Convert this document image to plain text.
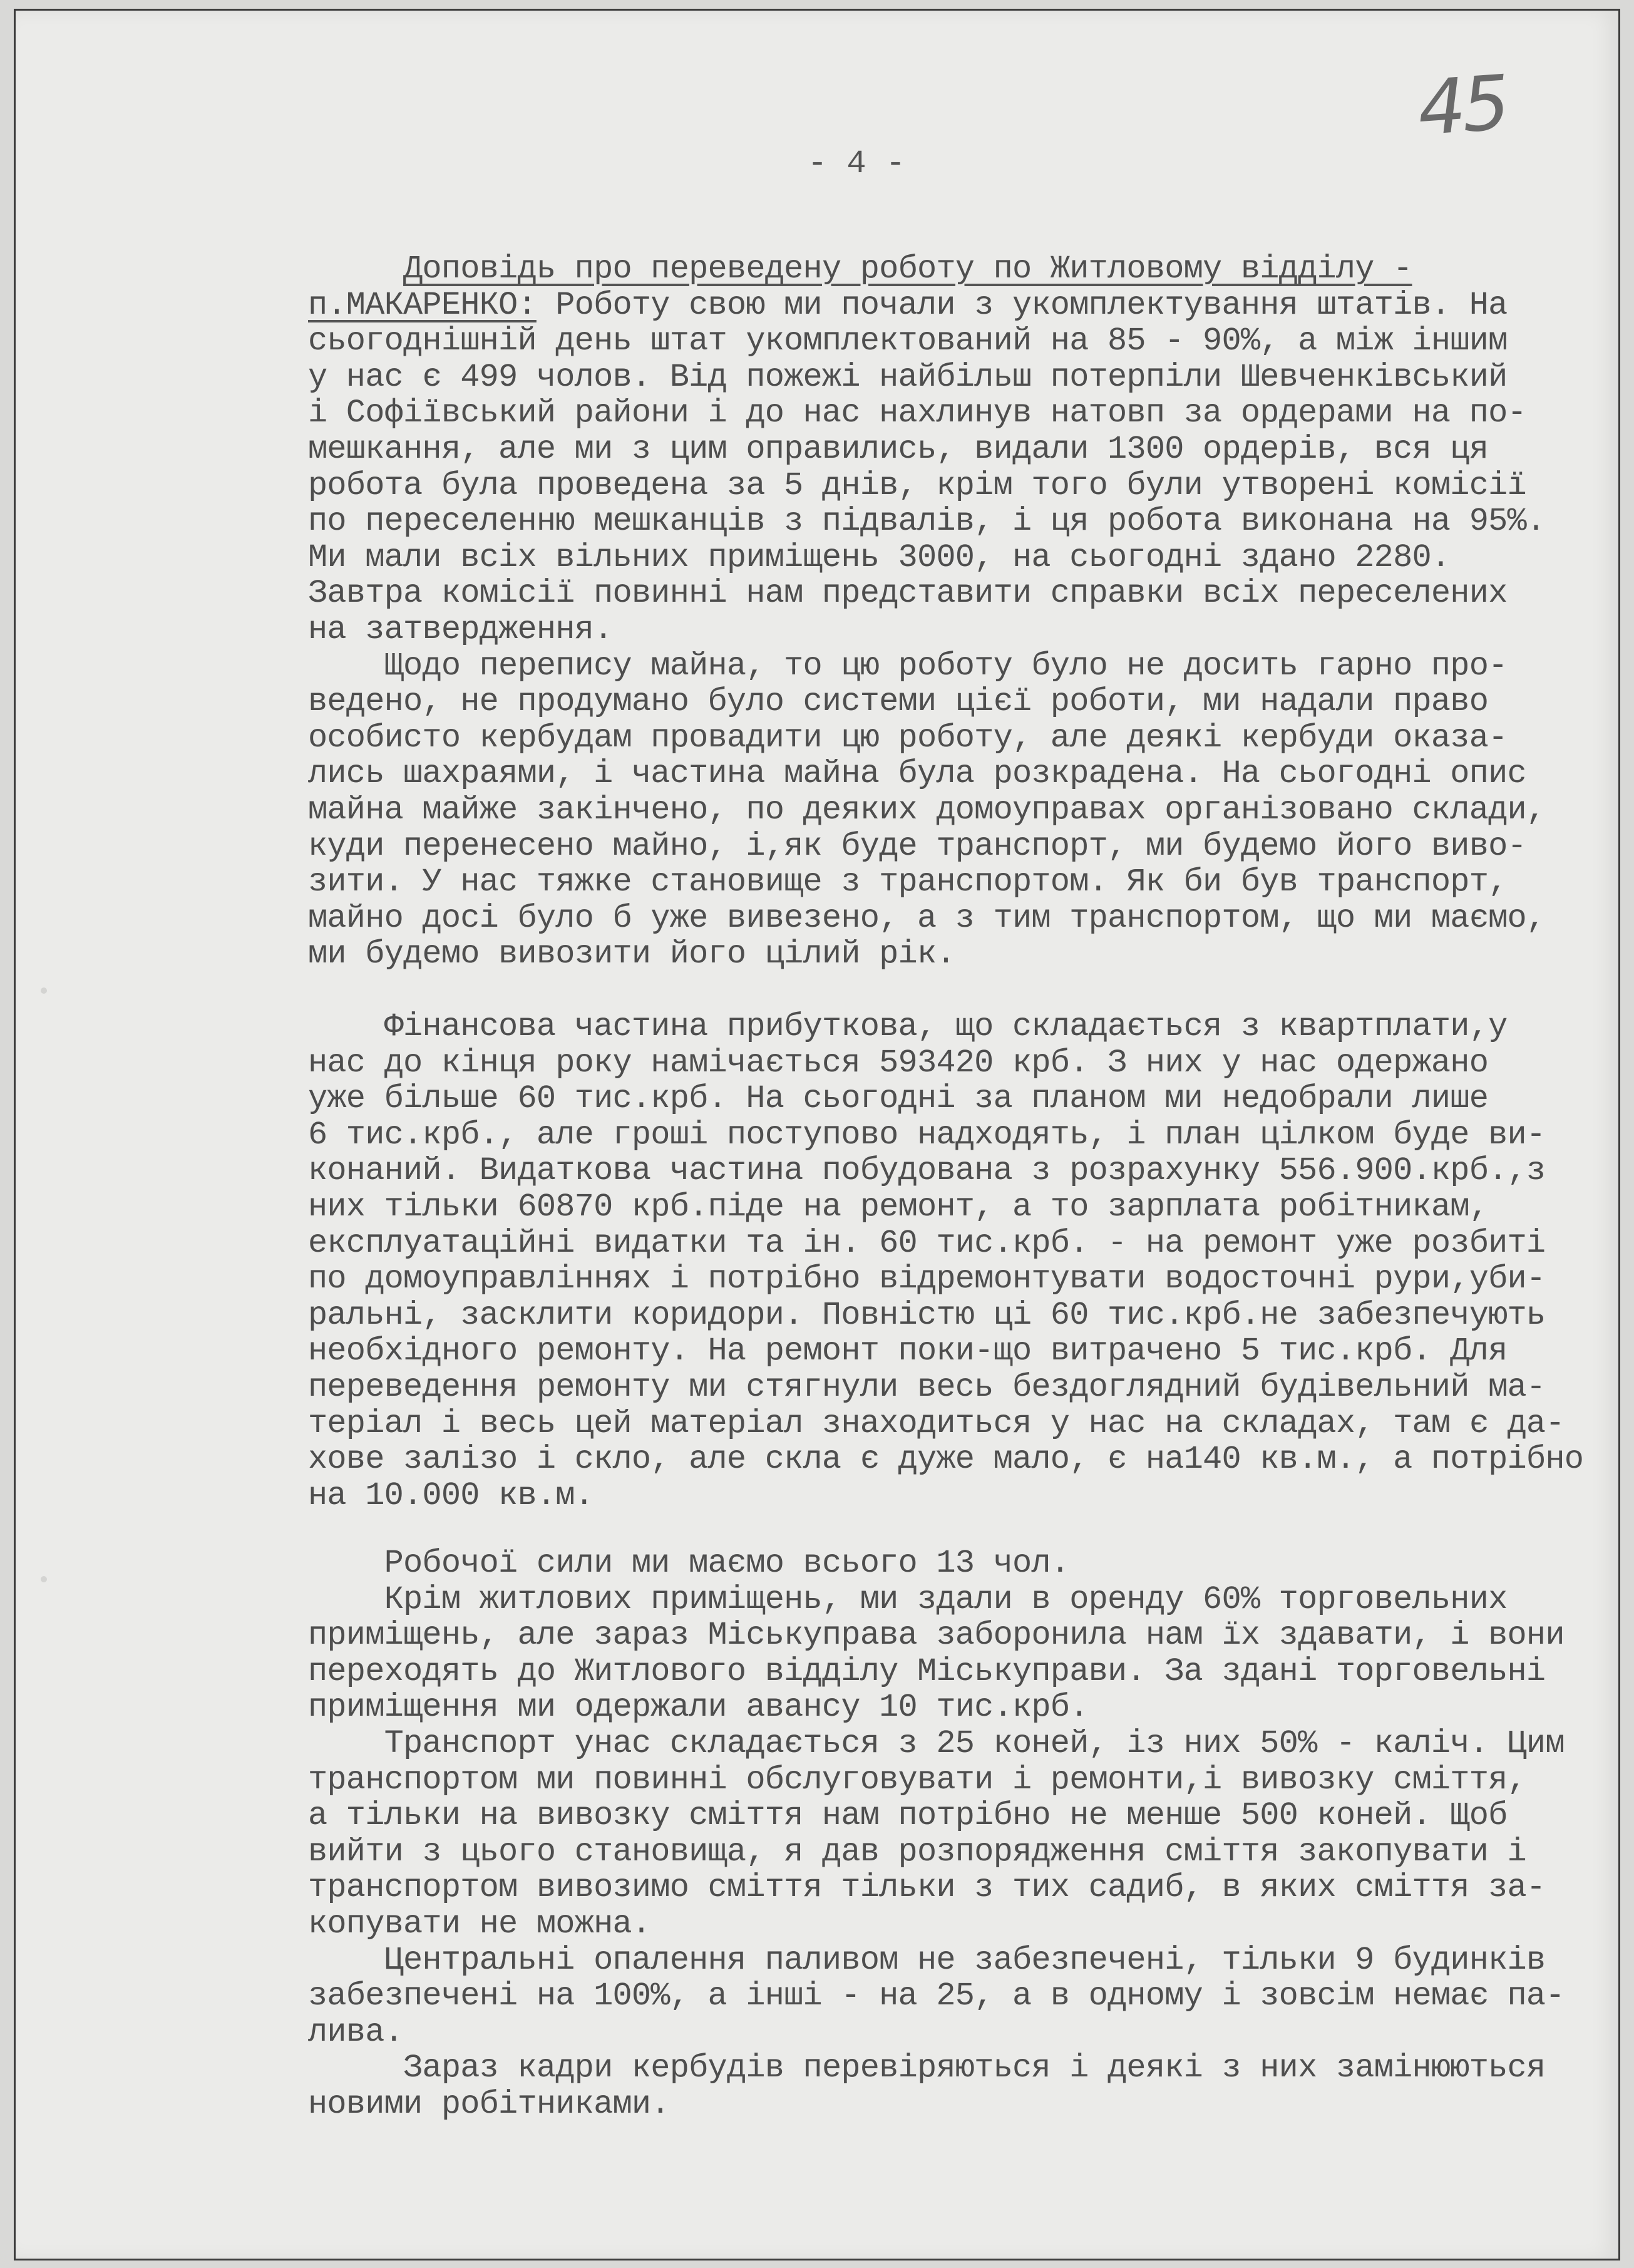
45
- 4 -
Доповідь про переведену роботу по Житловому відділу -
п.МАКАРЕНКО: Роботу свою ми почали з укомплектування штатів. На
сьогоднішній день штат укомплектований на 85 - 90%, а між іншим
у нас є 499 чолов. Від пожежі найбільш потерпіли Шевченківський
і Софіївський райони і до нас нахлинув натовп за ордерами на по-
мешкання, але ми з цим оправились, видали 1300 ордерів, вся ця
робота була проведена за 5 днів, крім того були утворені комісії
по переселенню мешканців з підвалів, і ця робота виконана на 95%.
Ми мали всіх вільних приміщень 3000, на сьогодні здано 2280.
Завтра комісії повинні нам представити справки всіх переселених
на затвердження.
Щодо перепису майна, то цю роботу було не досить гарно про-
ведено, не продумано було системи цієї роботи, ми надали право
особисто кербудам провадити цю роботу, але деякі кербуди оказа-
лись шахраями, і частина майна була розкрадена. На сьогодні опис
майна майже закінчено, по деяких домоуправах організовано склади,
куди перенесено майно, і,як буде транспорт, ми будемо його виво-
зити. У нас тяжке становище з транспортом. Як би був транспорт,
майно досі було б уже вивезено, а з тим транспортом, що ми маємо,
ми будемо вивозити його цілий рік.
Фінансова частина прибуткова, що складається з квартплати,у
нас до кінця року намічається 593420 крб. З них у нас одержано
уже більше 60 тис.крб. На сьогодні за планом ми недобрали лише
6 тис.крб., але гроші поступово надходять, і план цілком буде ви-
конаний. Видаткова частина побудована з розрахунку 556.900.крб.,з
них тільки 60870 крб.піде на ремонт, а то зарплата робітникам,
експлуатаційні видатки та ін. 60 тис.крб. - на ремонт уже розбиті
по домоуправліннях і потрібно відремонтувати водосточні рури,уби-
ральні, засклити коридори. Повністю ці 60 тис.крб.не забезпечують
необхідного ремонту. На ремонт поки-що витрачено 5 тис.крб. Для
переведення ремонту ми стягнули весь бездоглядний будівельний ма-
теріал і весь цей матеріал знаходиться у нас на складах, там є да-
хове залізо і скло, але скла є дуже мало, є на140 кв.м., а потрібно
на 10.000 кв.м.
Робочої сили ми маємо всього 13 чол.
Крім житлових приміщень, ми здали в оренду 60% торговельних
приміщень, але зараз Міськуправа заборонила нам їх здавати, і вони
переходять до Житлового відділу Міськуправи. За здані торговельні
приміщення ми одержали аванcу 10 тис.крб.
Транспорт унас складається з 25 коней, із них 50% - каліч. Цим
транспортом ми повинні обслуговувати і ремонти,і вивозку сміття,
а тільки на вивозку сміття нам потрібно не менше 500 коней. Щоб
вийти з цього становища, я дав розпорядження сміття закопувати і
транспортом вивозимо сміття тільки з тих садиб, в яких сміття за-
копувати не можна.
Центральні опалення паливом не забезпечені, тільки 9 будинків
забезпечені на 100%, а інші - на 25, а в одному і зовсім немає па-
лива.
Зараз кадри кербудів перевіряються і деякі з них замінюються
новими робітниками.
